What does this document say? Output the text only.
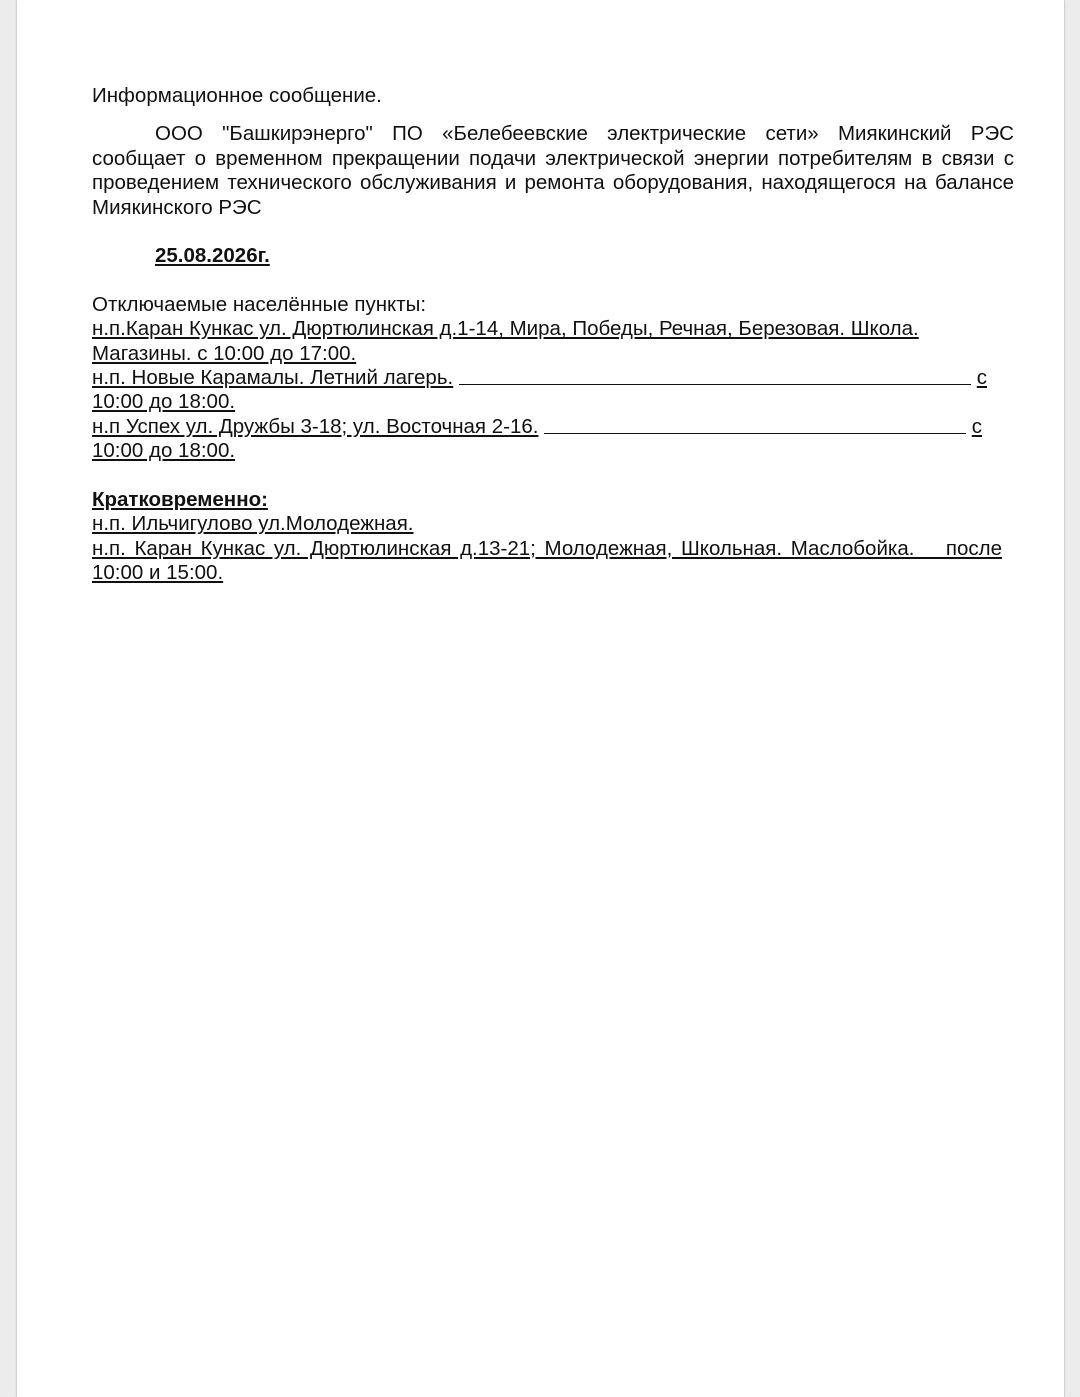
Информационное сообщение.

ООО "Башкирэнерго" ПО «Белебеевские электрические сети» Миякинский РЭС сообщает о временном прекращении подачи электрической энергии потребителям в связи с проведением технического обслуживания и ремонта оборудования, находящегося на балансе Миякинского РЭС

25.08.2026г.

Отключаемые населённые пункты:

н.п.Каран Кункас ул. Дюртюлинская д.1-14, Мира, Победы, Речная, Березовая. Школа.

Магазины. с 10:00 до 17:00.

н.п. Новые Карамалы. Летний лагерь.	с

10:00 до 18:00.

н.п Успех ул. Дружбы 3-18; ул. Восточная 2-16.	с

10:00 до 18:00.

Кратковременно:

н.п. Ильчигулово ул.Молодежная.

н.п. Каран Кункас ул. Дюртюлинская д.13-21; Молодежная, Школьная. Маслобойка.__ после

10:00 и 15:00.
